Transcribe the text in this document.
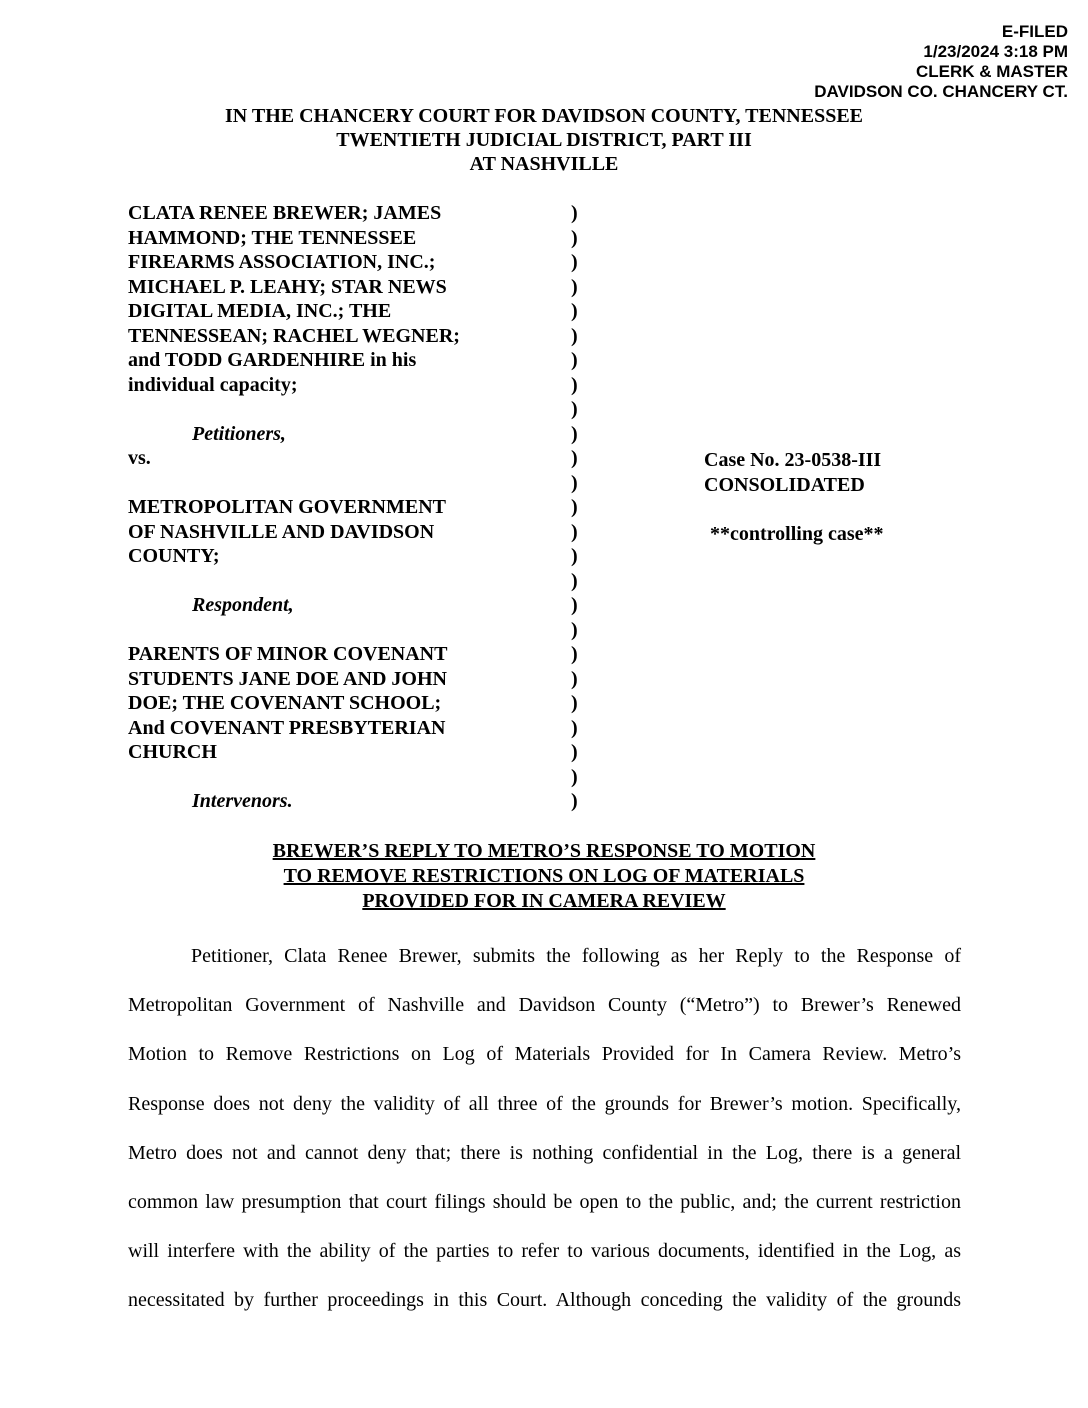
E-FILED
1/23/2024 3:18 PM
CLERK & MASTER
DAVIDSON CO. CHANCERY CT.
IN THE CHANCERY COURT FOR DAVIDSON COUNTY, TENNESSEE
TWENTIETH JUDICIAL DISTRICT, PART III
AT NASHVILLE
CLATA RENEE BREWER; JAMES
HAMMOND; THE TENNESSEE
FIREARMS ASSOCIATION, INC.;
MICHAEL P. LEAHY; STAR NEWS
DIGITAL MEDIA, INC.; THE
TENNESSEAN; RACHEL WEGNER;
and TODD GARDENHIRE in his
individual capacity;
Petitioners,
vs.
METROPOLITAN GOVERNMENT
OF NASHVILLE AND DAVIDSON
COUNTY;
Respondent,
PARENTS OF MINOR COVENANT
STUDENTS JANE DOE AND JOHN
DOE; THE COVENANT SCHOOL;
And COVENANT PRESBYTERIAN
CHURCH
Intervenors.
)
)
)
)
)
)
)
)
)
)
)
)
)
)
)
)
)
)
)
)
)
)
)
)
)
Case No. 23-0538-III
CONSOLIDATED
**controlling case**
BREWER’S REPLY TO METRO’S RESPONSE TO MOTION
TO REMOVE RESTRICTIONS ON LOG OF MATERIALS
PROVIDED FOR IN CAMERA REVIEW
Petitioner, Clata Renee Brewer, submits the following as her Reply to the Response of
Metropolitan Government of Nashville and Davidson County (“Metro”) to Brewer’s Renewed
Motion to Remove Restrictions on Log of Materials Provided for In Camera Review. Metro’s
Response does not deny the validity of all three of the grounds for Brewer’s motion. Specifically,
Metro does not and cannot deny that; there is nothing confidential in the Log, there is a general
common law presumption that court filings should be open to the public, and; the current restriction
will interfere with the ability of the parties to refer to various documents, identified in the Log, as
necessitated by further proceedings in this Court. Although conceding the validity of the grounds
